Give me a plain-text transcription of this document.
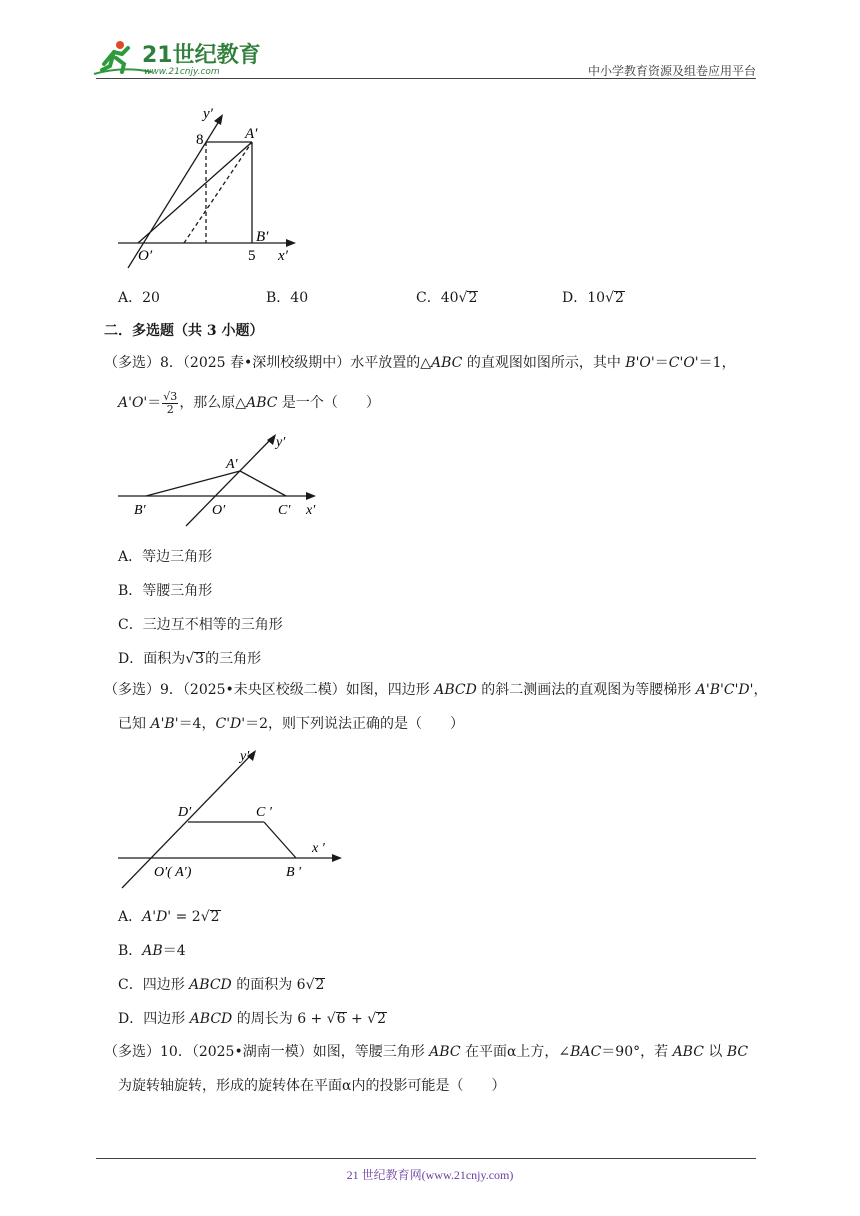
21世纪教育
www.21cnjy.com	中小学教育资源及组卷应用平台
y′
8	A′
B′
O′	5 x′
A．20	B．40	C．40√2	D．10√2
二．多选题（共 3 小题）
（多选）8．（2025 春•深圳校级期中）水平放置的△ABC 的直观图如图所示，其中 B'O'＝C'O'＝1，
$A'O'= \frac{√3}{2}$ ，那么原△ABC 是一个（　　）
y′
A′
B′	O′	C′ x′
A．等边三角形
B．等腰三角形
C．三边互不相等的三角形
D．面积为√3的三角形
（多选）9．（2025•未央区校级二模）如图，四边形 ABCD 的斜二测画法的直观图为等腰梯形 A'B'C'D'，
已知 A'B'＝4，C'D'＝2，则下列说法正确的是（　　）
y′
D′	C ′
x ′
O′( A′)	B ′
A．A'D' = 2√2
B．AB＝4
C．四边形 ABCD 的面积为 6√2
D．四边形 ABCD 的周长为 6 + √6 + √2
（多选）10．（2025•湖南一模）如图，等腰三角形 ABC 在平面α上方，∠BAC＝90°，若 ABC 以 BC
为旋转轴旋转，形成的旋转体在平面α内的投影可能是（　　）
21 世纪教育网(www.21cnjy.com)
